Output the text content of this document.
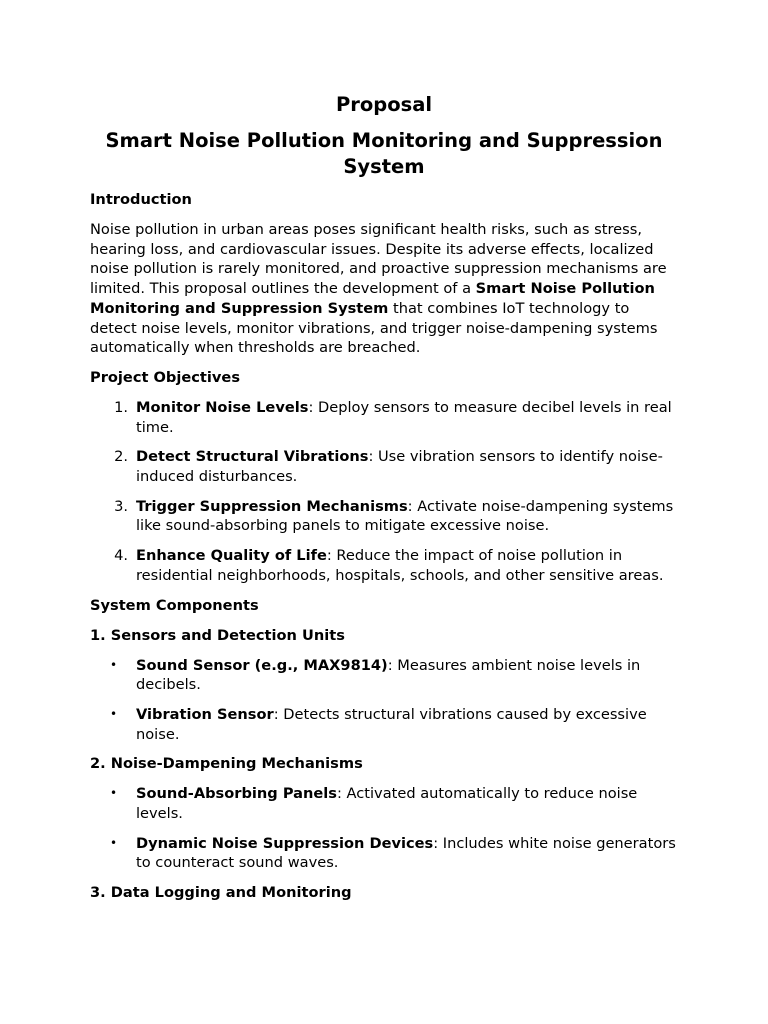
Proposal
Smart Noise Pollution Monitoring and Suppression System
Introduction

Noise pollution in urban areas poses significant health risks, such as stress, hearing loss, and cardiovascular issues. Despite its adverse effects, localized noise pollution is rarely monitored, and proactive suppression mechanisms are limited. This proposal outlines the development of a Smart Noise Pollution Monitoring and Suppression System that combines IoT technology to detect noise levels, monitor vibrations, and trigger noise-dampening systems automatically when thresholds are breached.

Project Objectives
1. Monitor Noise Levels: Deploy sensors to measure decibel levels in real time.
2. Detect Structural Vibrations: Use vibration sensors to identify noise-induced disturbances.
3. Trigger Suppression Mechanisms: Activate noise-dampening systems like sound-absorbing panels to mitigate excessive noise.
4. Enhance Quality of Life: Reduce the impact of noise pollution in residential neighborhoods, hospitals, schools, and other sensitive areas.
System Components
1. Sensors and Detection Units
• Sound Sensor (e.g., MAX9814): Measures ambient noise levels in decibels.
• Vibration Sensor: Detects structural vibrations caused by excessive noise.
2. Noise-Dampening Mechanisms
• Sound-Absorbing Panels: Activated automatically to reduce noise levels.
• Dynamic Noise Suppression Devices: Includes white noise generators to counteract sound waves.
3. Data Logging and Monitoring
